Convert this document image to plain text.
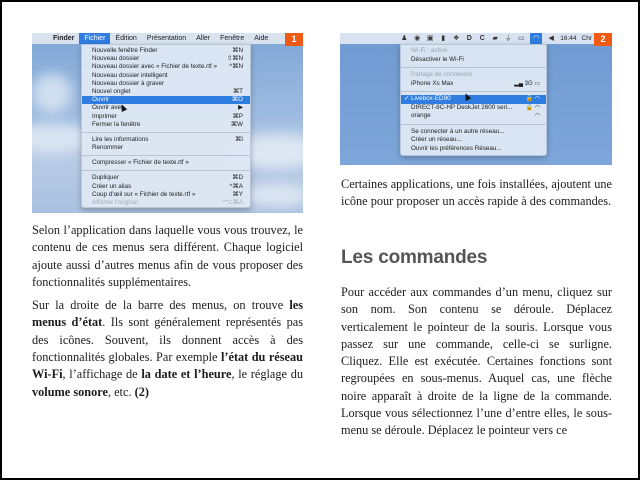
Finder	Fichier	Édition	Présentation	Aller	Fenêtre	Aide	1
Nouvelle fenêtre Finder	⌘N
Nouveau dossier	⇧⌘N
Nouveau dossier avec « Fichier de texte.rtf » ^⌘N
Nouveau dossier intelligent
Nouveau dossier à graver
Nouvel onglet	⌘T
Ouvrir	⌘O
Ouvrir avec	▶
Imprimer	⌘P
Fermer la fenêtre	⌘W
Lire les informations	⌘I
Renommer
Compresser « Fichier de texte.rtf »
Dupliquer	⌘D
Créer un alias	^⌘A
Coup d'œil sur « Fichier de texte.rtf »	⌘Y
Afficher l'original	^⌥⌘A
♟ ◉ ▣ ▮ ❖ D C ▰ ⏚ ▭	◠	◀ 16:44 Chr 2
Wi-Fi : activé
Désactiver le Wi-Fi
Partage de connexion
iPhone Xs Max	▂▄ 3G ▭
✓ Livebox-ED90	🔒 ◠
DIRECT-8C-HP DeskJet 2600 seri... 🔒 ◠
orange	◠
Se connecter à un autre réseau...
Créer un réseau...
Ouvrir les préférences Réseau...

Selon l’application dans laquelle vous vous trouvez, le contenu de ces menus sera différent. Chaque logiciel ajoute aussi d’autres menus afin de vous proposer des fonctionnalités supplémentaires.

Sur la droite de la barre des menus, on trouve les menus d’état. Ils sont généralement représentés pas des icônes. Souvent, ils donnent accès à des fonctionnalités globales. Par exemple l’état du réseau Wi-Fi, l’affichage de la date et l’heure, le réglage du volume sonore, etc. (2)

Certaines applications, une fois installées, ajoutent une icône pour proposer un accès rapide à des commandes.

Les commandes

Pour accéder aux commandes d’un menu, cliquez sur son nom. Son contenu se déroule. Déplacez verticalement le pointeur de la souris. Lorsque vous passez sur une commande, celle-ci se surligne. Cliquez. Elle est exécutée. Certaines fonctions sont regroupées en sous-menus. Auquel cas, une flèche noire apparaît à droite de la ligne de la commande. Lorsque vous sélectionnez l’une d’entre elles, le sous-menu se déroule. Déplacez le pointeur vers ce
